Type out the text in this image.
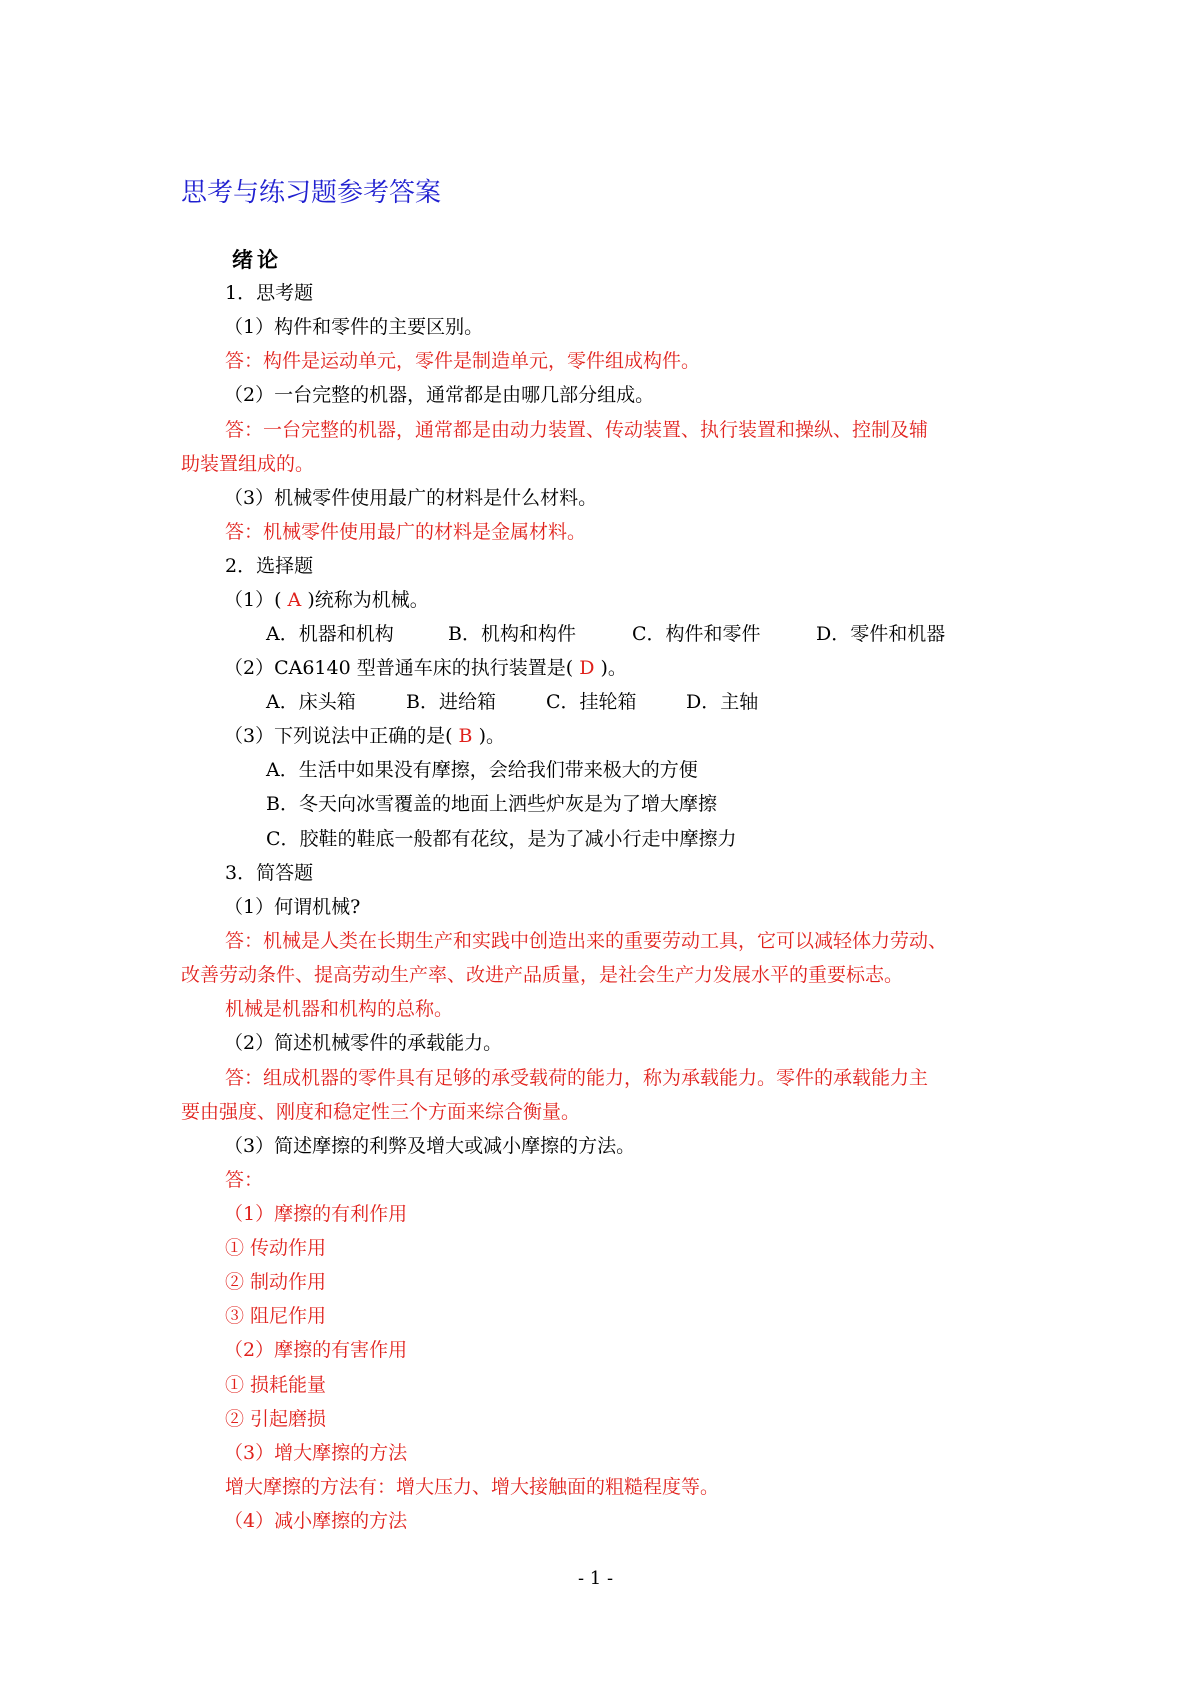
思考与练习题参考答案
绪论
1．思考题
（1）构件和零件的主要区别。
答：构件是运动单元，零件是制造单元，零件组成构件。
（2）一台完整的机器，通常都是由哪几部分组成。
答：一台完整的机器，通常都是由动力装置、传动装置、执行装置和操纵、控制及辅
助装置组成的。
（3）机械零件使用最广的材料是什么材料。
答：机械零件使用最广的材料是金属材料。
2．选择题
（1）( A )统称为机械。
A．机器和机构	B．机构和构件	C．构件和零件	D．零件和机器
（2）CA6140 型普通车床的执行装置是( D )。
A．床头箱	B．进给箱	C．挂轮箱	D．主轴
（3）下列说法中正确的是( B )。
A．生活中如果没有摩擦，会给我们带来极大的方便
B．冬天向冰雪覆盖的地面上洒些炉灰是为了增大摩擦
C．胶鞋的鞋底一般都有花纹，是为了减小行走中摩擦力
3．简答题
（1）何谓机械?
答：机械是人类在长期生产和实践中创造出来的重要劳动工具，它可以减轻体力劳动、
改善劳动条件、提高劳动生产率、改进产品质量，是社会生产力发展水平的重要标志。
机械是机器和机构的总称。
（2）简述机械零件的承载能力。
答：组成机器的零件具有足够的承受载荷的能力，称为承载能力。零件的承载能力主
要由强度、刚度和稳定性三个方面来综合衡量。
（3）简述摩擦的利弊及增大或减小摩擦的方法。
答：
（1）摩擦的有利作用
① 传动作用
② 制动作用
③ 阻尼作用
（2）摩擦的有害作用
① 损耗能量
② 引起磨损
（3）增大摩擦的方法
增大摩擦的方法有：增大压力、增大接触面的粗糙程度等。
（4）减小摩擦的方法
- 1 -
